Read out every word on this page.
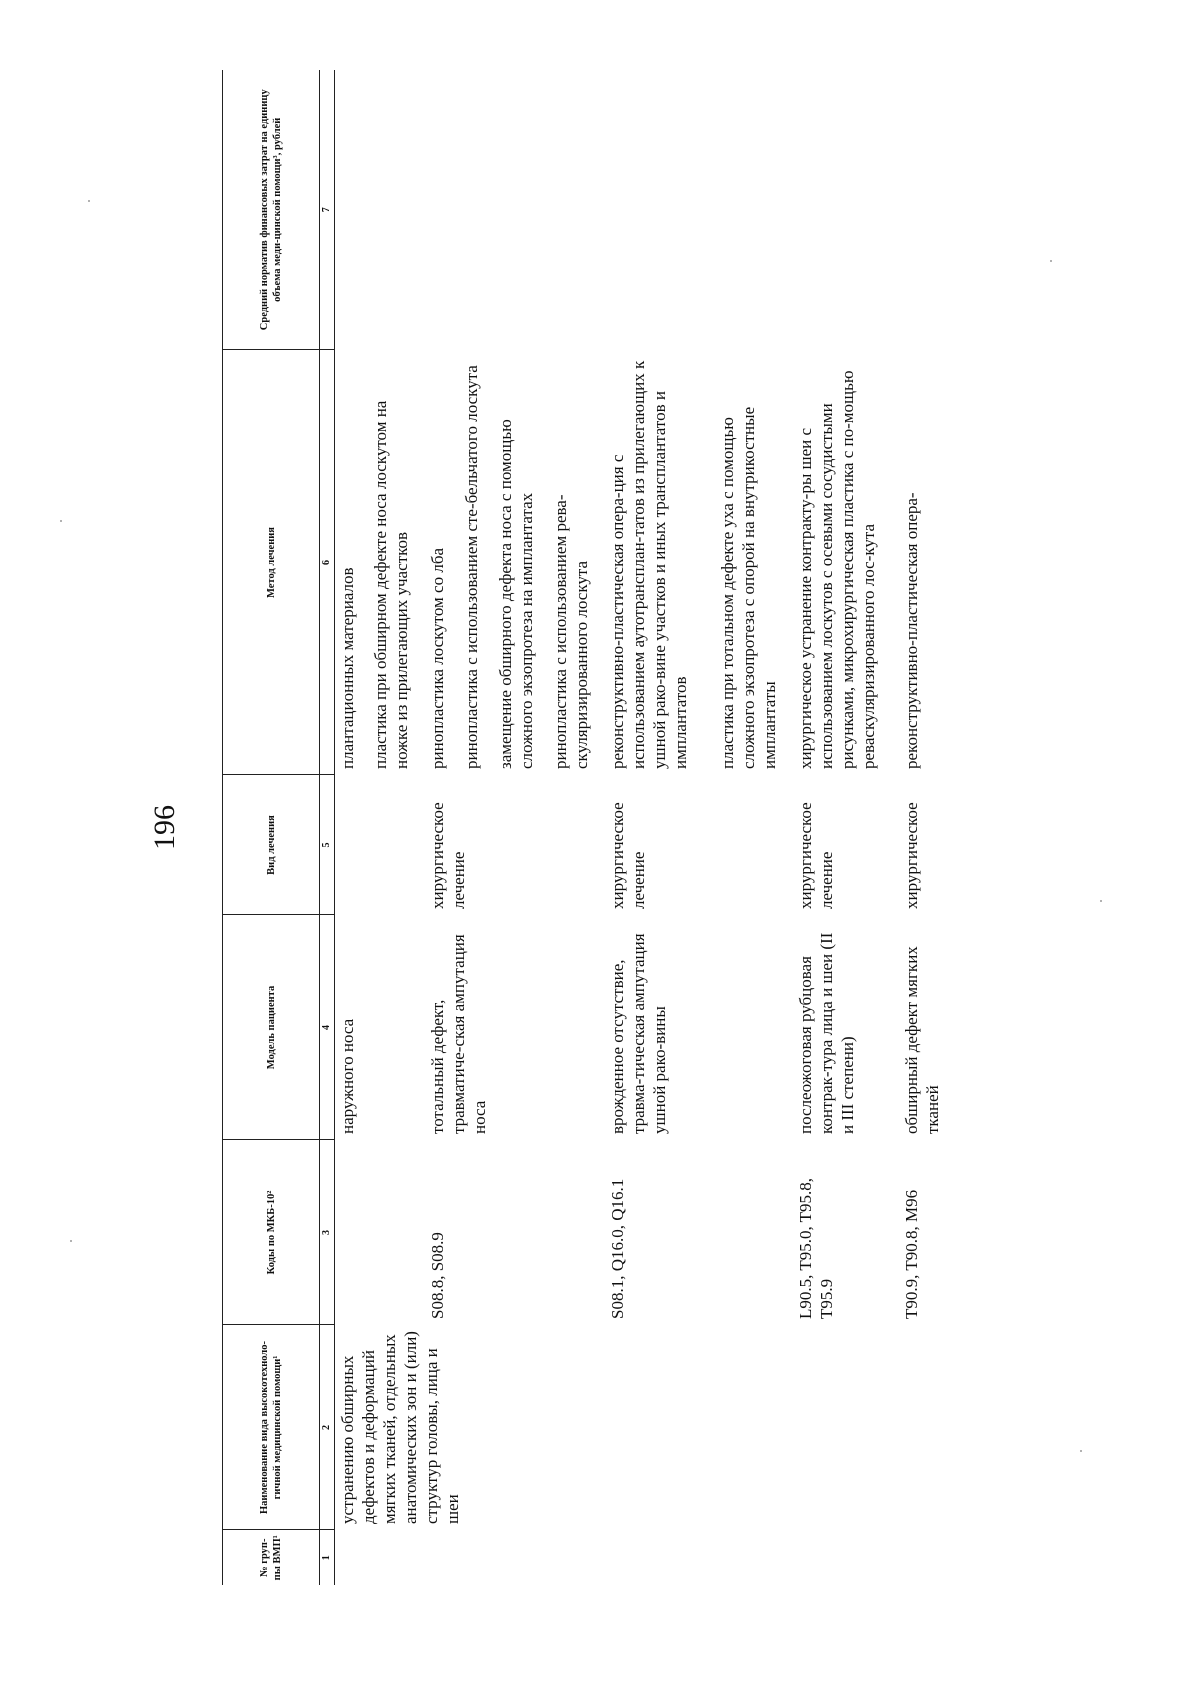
196
№ груп-пы ВМП¹	Наименование вида высокотехноло-гичной медицинской помощи¹	Коды по МКБ-10²	Модель пациента	Вид лечения	Метод лечения	Средний норматив финансовых затрат на единицу объема меди-цинской помощи³, рублей
1	2	3	4	5	6	7
	устранению обширных дефектов и деформаций мягких тканей, отдельных анатомических зон и (или) структур головы, лица и шеи		наружного носа		плантационных материалов пластика при обширном дефекте носа лоскутом на ножке из прилегающих участков	

		S08.8, S08.9	тотальный дефект, травматиче-ская ампутация носа	хирургическое лечение	ринопластика лоскутом со лба ринопластика с использованием сте-бельчатого лоскута замещение обширного дефекта носа с помощью сложного экзопротеза на имплантатах ринопластика с использованием рева-скуляризированного лоскута	

		S08.1, Q16.0, Q16.1	врожденное отсутствие, травма-тическая ампутация ушной рако-вины	хирургическое лечение	реконструктивно-пластическая опера-ция с использованием аутотрансплан-татов из прилегающих к ушной рако-вине участков и иных трансплантатов и имплантатов пластика при тотальном дефекте уха с помощью сложного экзопротеза с опорой на внутрикостные имплантаты	

		L90.5, T95.0, T95.8, T95.9	послеожоговая рубцовая контрак-тура лица и шеи (II и III степени)	хирургическое лечение	хирургическое устранение контракту-ры шеи с использованием лоскутов с осевыми сосудистыми рисунками, микрохирургическая пластика с по-мощью реваскуляризированного лос-кута	

		T90.9, T90.8, M96	обширный дефект мягких тканей	хирургическое	реконструктивно-пластическая опера-	
